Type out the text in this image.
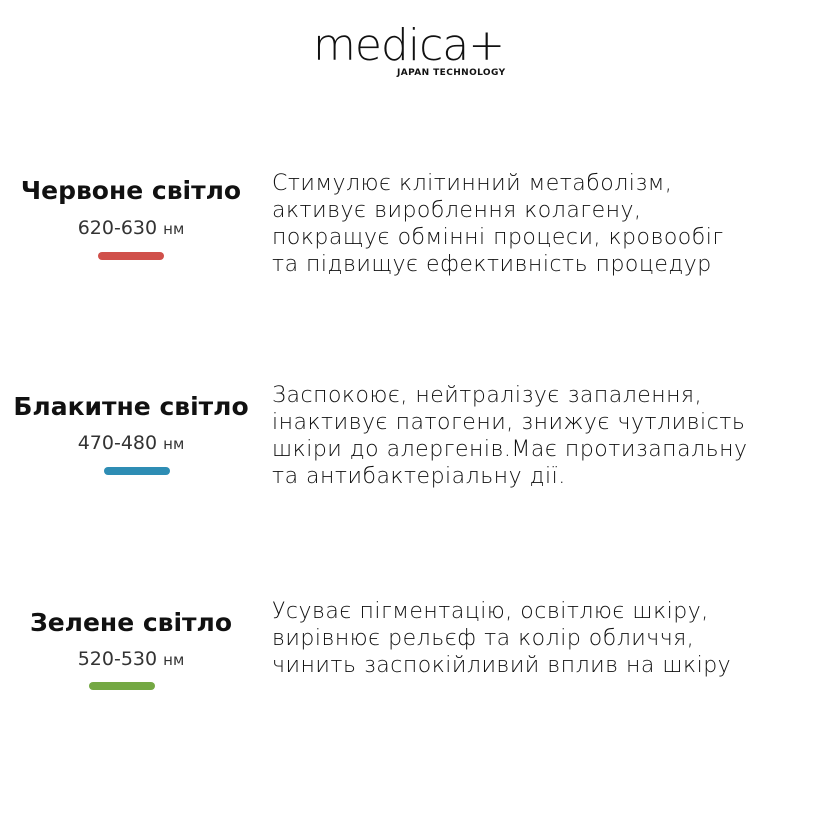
medica+
JAPAN TECHNOLOGY
Червоне світло
620-630 нм
Стимулює клітинний метаболізм,
активує вироблення колагену,
покращує обмінні процеси, кровообіг
та підвищує ефективність процедур
Блакитне світло
470-480 нм
Заспокоює, нейтралізує запалення,
інактивує патогени, знижує чутливість
шкіри до алергенів.Має протизапальну
та антибактеріальну дії.
Зелене світло
520-530 нм
Усуває пігментацію, освітлює шкіру,
вирівнює рельєф та колір обличчя,
чинить заспокійливий вплив на шкіру
